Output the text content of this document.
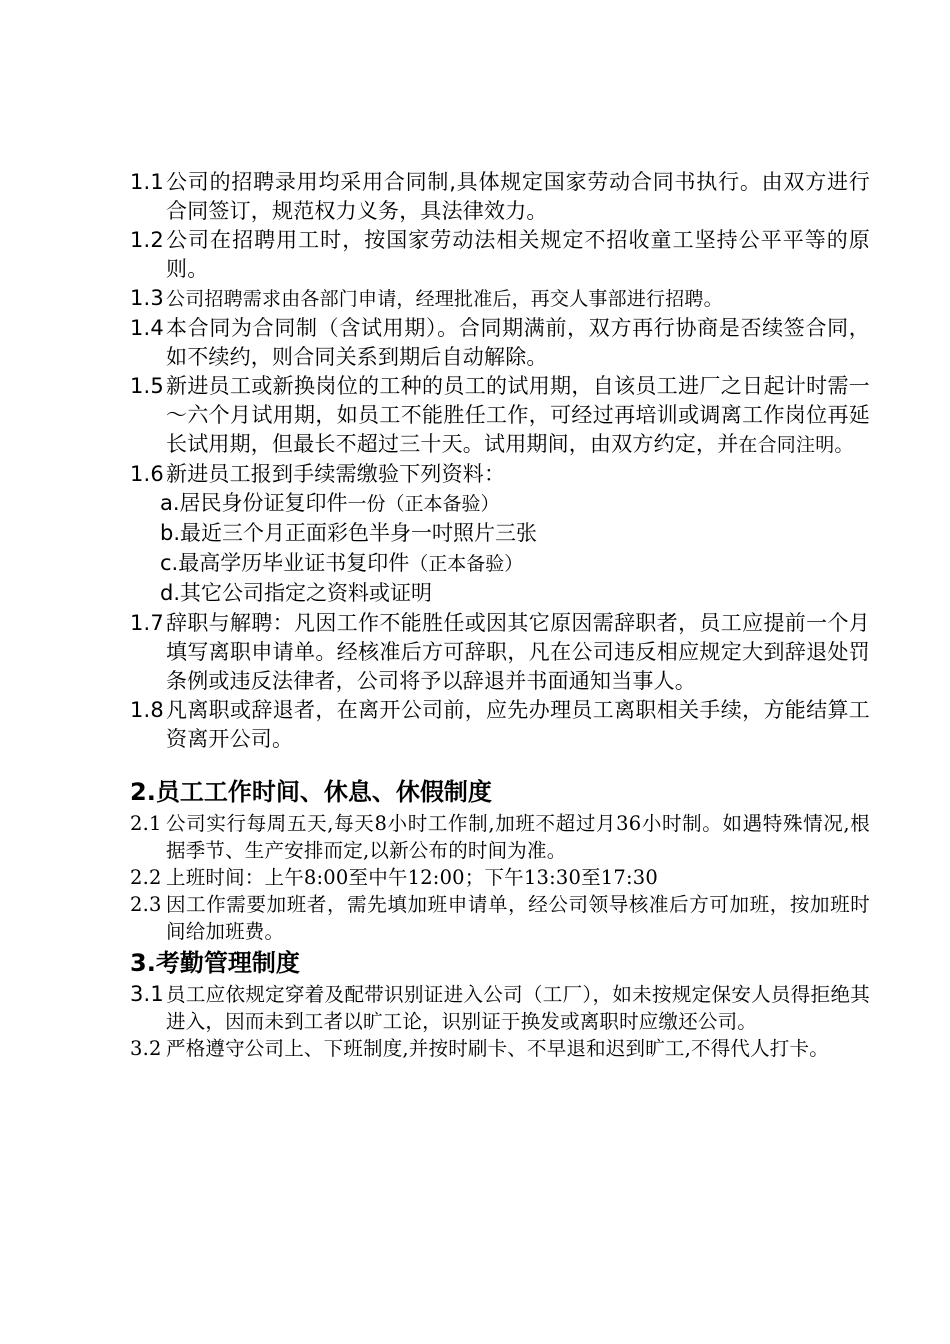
1.1 公司的招聘录用均采用合同制,具体规定国家劳动合同书执行。由双方进行合同签订，规范权力义务，具法律效力。
1.2 公司在招聘用工时，按国家劳动法相关规定不招收童工坚持公平平等的原则。
1.3 公司招聘需求由各部门申请，经理批准后，再交人事部进行招聘。
1.4 本合同为合同制（含试用期）。合同期满前，双方再行协商是否续签合同，如不续约，则合同关系到期后自动解除。
1.5 新进员工或新换岗位的工种的员工的试用期，自该员工进厂之日起计时需一～六个月试用期，如员工不能胜任工作，可经过再培训或调离工作岗位再延长试用期，但最长不超过三十天。试用期间，由双方约定，并在合同注明。
1.6 新进员工报到手续需缴验下列资料：
a.居民身份证复印件一份（正本备验）
b.最近三个月正面彩色半身一吋照片三张
c.最高学历毕业证书复印件（正本备验）
d.其它公司指定之资料或证明
1.7 辞职与解聘：凡因工作不能胜任或因其它原因需辞职者，员工应提前一个月填写离职申请单。经核准后方可辞职，凡在公司违反相应规定大到辞退处罚条例或违反法律者，公司将予以辞退并书面通知当事人。
1.8 凡离职或辞退者，在离开公司前，应先办理员工离职相关手续，方能结算工资离开公司。
2.员工工作时间、休息、休假制度
2.1 公司实行每周五天,每天8小时工作制,加班不超过月36小时制。如遇特殊情况,根据季节、生产安排而定,以新公布的时间为准。
2.2 上班时间：上午8:00至中午12:00；下午13:30至17:30
2.3 因工作需要加班者，需先填加班申请单，经公司领导核准后方可加班，按加班时间给加班费。
3.考勤管理制度
3.1 员工应依规定穿着及配带识别证进入公司（工厂），如未按规定保安人员得拒绝其进入，因而未到工者以旷工论，识别证于换发或离职时应缴还公司。
3.2 严格遵守公司上、下班制度,并按时刷卡、不早退和迟到旷工,不得代人打卡。
